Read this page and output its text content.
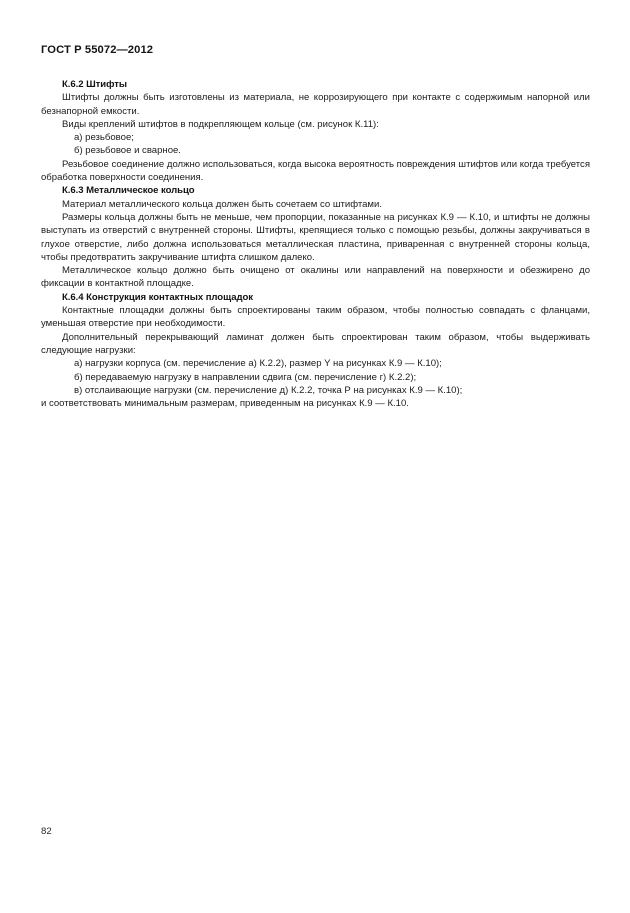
ГОСТ Р 55072—2012
К.6.2 Штифты

Штифты должны быть изготовлены из материала, не коррозирующего при контакте с содержимым напорной или безнапорной емкости.

Виды креплений штифтов в подкрепляющем кольце (см. рисунок К.11):

а) резьбовое;

б) резьбовое и сварное.

Резьбовое соединение должно использоваться, когда высока вероятность повреждения штифтов или когда требуется обработка поверхности соединения.

К.6.3 Металлическое кольцо

Материал металлического кольца должен быть сочетаем со штифтами.

Размеры кольца должны быть не меньше, чем пропорции, показанные на рисунках К.9 — К.10, и штифты не должны выступать из отверстий с внутренней стороны. Штифты, крепящиеся только с помощью резьбы, должны закручиваться в глухое отверстие, либо должна использоваться металлическая пластина, приваренная с внутренней стороны кольца, чтобы предотвратить закручивание штифта слишком далеко.

Металлическое кольцо должно быть очищено от окалины или направлений на поверхности и обезжирено до фиксации в контактной площадке.

К.6.4 Конструкция контактных площадок

Контактные площадки должны быть спроектированы таким образом, чтобы полностью совпадать с фланцами, уменьшая отверстие при необходимости.

Дополнительный перекрывающий ламинат должен быть спроектирован таким образом, чтобы выдерживать следующие нагрузки:

а) нагрузки корпуса (см. перечисление а) К.2.2), размер Y на рисунках К.9 — К.10);

б) передаваемую нагрузку в направлении сдвига (см. перечисление г) К.2.2);

в) отслаивающие нагрузки (см. перечисление д) К.2.2, точка Р на рисунках К.9 — К.10);

и соответствовать минимальным размерам, приведенным на рисунках К.9 — К.10.

82
